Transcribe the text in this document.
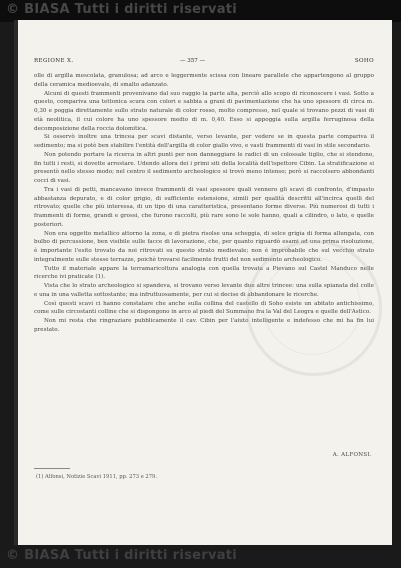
© BIASA Tutti i diritti riservati
REGIONE X.	— 357 —	SOHO

olle di argilla mescolata, granulosa; ad arco e leggermente scissa con lineare parallele che appartengono al gruppo della ceramica medioevale, di smalto adanzato.

Alcuni di questi frammenti provenivano dal suo raggio la parte alta, perciò allo scopo di riconoscere i vasi. Sotto a questo, compariva una tettonica scura con colori e sabbia a grani di pavimentazione che ha uno spessore di circa m. 0,30 e poggia direttamente sullo strato naturale di color rosso, molto compresso, nel quale si trovano pezzi di vasi di età neolitica, il cui colore ha uno spessore medio di m. 0,40. Esso si appoggia sulla argilla ferruginosa della decomposizione della roccia dolomitica.

Si osservò inoltre una trincea per scavi distante, verso levante, per vedere se in questa parte compariva il sedimento; ma si potè ben stabilire l'entità dell'argilla di color giallo vivo, e vasti frammenti di vasi in stile secondario.

Non potendo portare la ricerca in altri punti per non danneggiare le radici di un colossale tiglio, che si stendono, fin tutti i resti, si dovette arrestare. Udendo allora dei i primi siti della località dell'ispettore Cibin. La stratificazione si presentò nello stesso modo; nel centro il sedimento archeologico si trovò meno intenso; però si raccolsero abbondanti cocci di vasi.

Tra i vasi di petti, mancavano invece frammenti di vasi spessore quali vennero gli scavi di confronto, d'impasto abbastanza depurato, e di color grigio, di sufficiente estensione, simili per qualità descritti all'incirca quelli del ritrovato; quelle che più interessa, di un tipo di una caratteristica, presentano forme diverse. Più numerosi di tutti i frammenti di forme, grandi e grossi, che furono raccolti, più rare sono le sole hanno, quali a cilindro, o lato, e quelle posteriori.

Non era oggetto metallico attorno la zona, e di pietra risolse una scheggia, di selce grigia di forma allungata, con bulbo di percussione, ben visibile sulle facce di lavorazione, che, per quanto riguardò esami ad una prima risoluzione, è importante l'esito trovato da noi ritrovati su questo strato medievale; non è improbabile che sul vecchio strato integralmente sulle stesse terrazze, poichè trovarsi facilmente frutti del non sedimento archeologico.

Tutto il materiale appare la terramaricoltura analogia con quella trovata a Pievano sul Castel Manduco nelle ricerche ivi praticate (1).

Vista che lo strato archeologico si spandeva, si trovano verso levante due altre trincee: una sulla spianata del colle e una in una valletta sottostante; ma infruttuosamente, per cui si decise di abbandonare le ricerche.

Così questi scavi ci hanno constatare che anche sulla collina del castello di Soho esiste un abitato antichissimo, come sulle circostanti colline che si dispongono in arco al piedi del Summano fra la Val del Leogra e quelle dell'Astico.

Non mi resta che ringraziare pubblicamente il cav. Cibin per l'aiuto intelligente e indefesso che mi ha fin lui prestato.

A. ALFONSI.
(1) Alfonsi, Notizie Scavi 1911, pp. 273 e 279.
© BIASA Tutti i diritti riservati
